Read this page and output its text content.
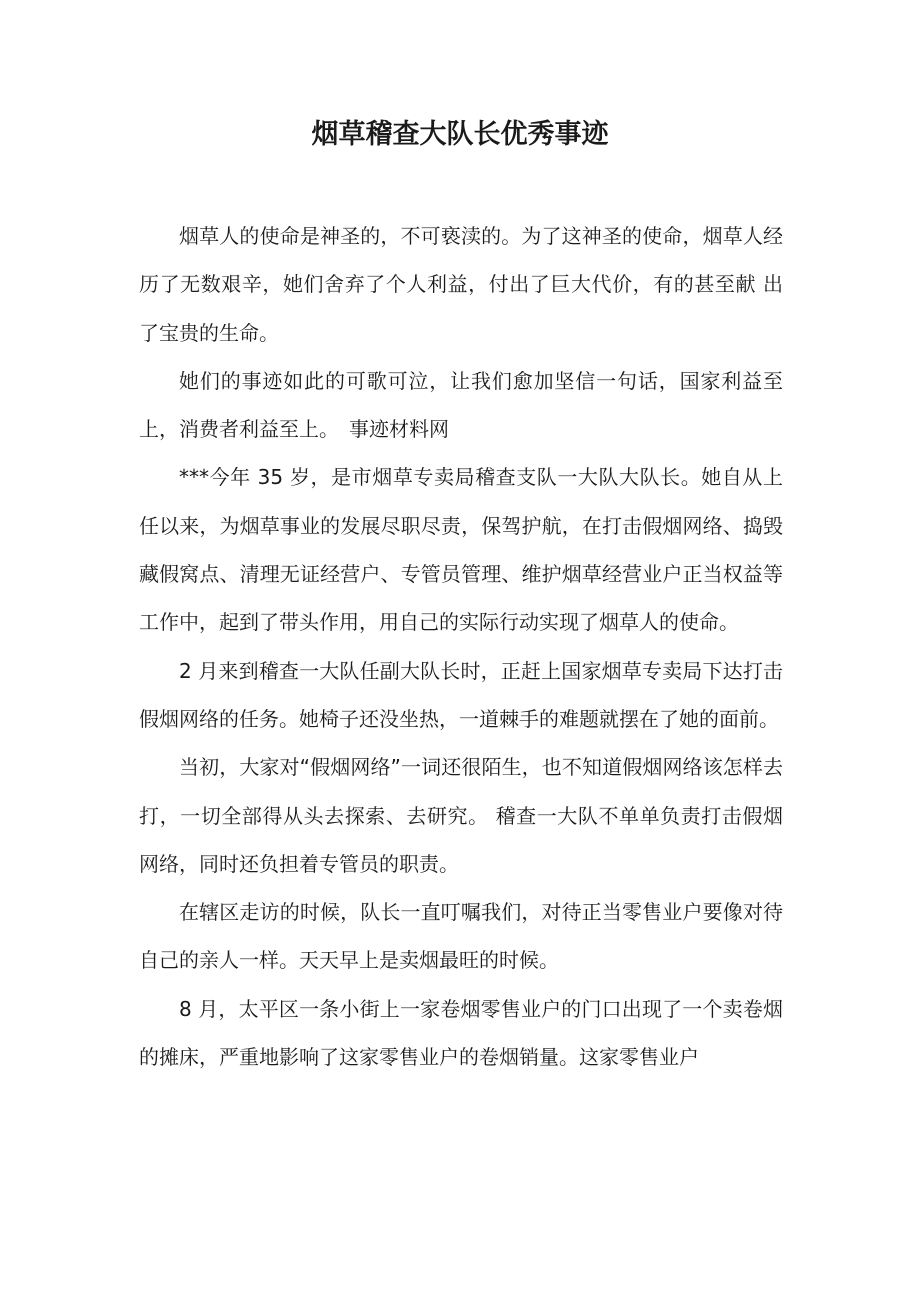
烟草稽查大队长优秀事迹

烟草人的使命是神圣的，不可亵渎的。为了这神圣的使命，烟草人经历了无数艰辛，她们舍弃了个人利益，付出了巨大代价，有的甚至献 出了宝贵的生命。

她们的事迹如此的可歌可泣，让我们愈加坚信一句话，国家利益至上，消费者利益至上。　事迹材料网

***今年 35 岁，是市烟草专卖局稽查支队一大队大队长。她自从上任以来，为烟草事业的发展尽职尽责，保驾护航，在打击假烟网络、捣毁藏假窝点、清理无证经营户、专管员管理、维护烟草经营业户正当权益等工作中，起到了带头作用，用自己的实际行动实现了烟草人的使命。

2 月来到稽查一大队任副大队长时，正赶上国家烟草专卖局下达打击假烟网络的任务。她椅子还没坐热，一道棘手的难题就摆在了她的面前。

当初，大家对“假烟网络”一词还很陌生，也不知道假烟网络该怎样去打，一切全部得从头去探索、去研究。 稽查一大队不单单负责打击假烟网络，同时还负担着专管员的职责。

在辖区走访的时候，队长一直叮嘱我们，对待正当零售业户要像对待自己的亲人一样。天天早上是卖烟最旺的时候。

8 月，太平区一条小街上一家卷烟零售业户的门口出现了一个卖卷烟的摊床，严重地影响了这家零售业户的卷烟销量。这家零售业户
